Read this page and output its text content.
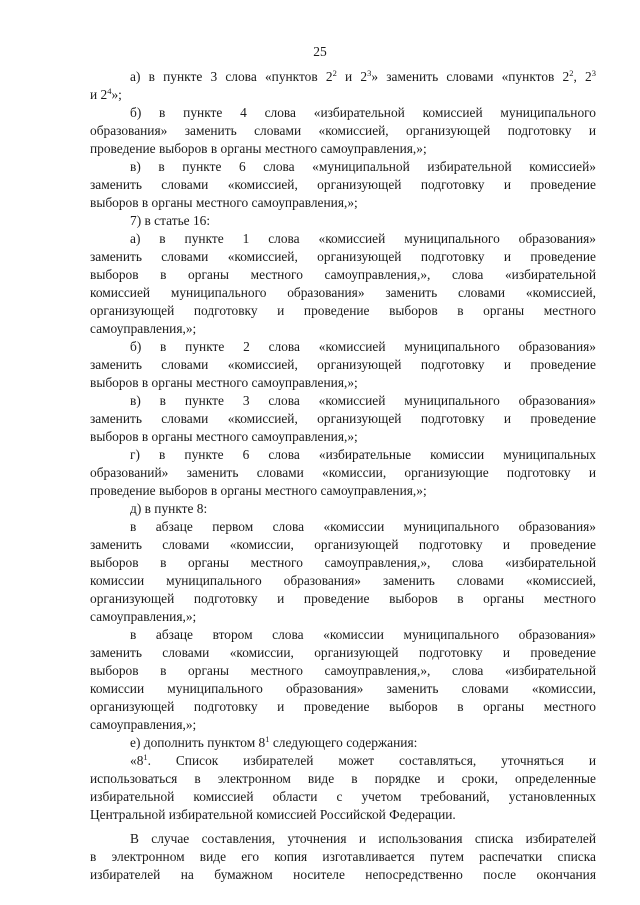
25
а) в пункте 3 слова «пунктов $2^2$ и $2^3$» заменить словами «пунктов $2^2$, $2^3$
и $2^4$»;
б) в пункте 4 слова «избирательной комиссией муниципального
образования» заменить словами «комиссией, организующей подготовку и
проведение выборов в органы местного самоуправления,»;
в) в пункте 6 слова «муниципальной избирательной комиссией»
заменить словами «комиссией, организующей подготовку и проведение
выборов в органы местного самоуправления,»;
7) в статье 16:
а) в пункте 1 слова «комиссией муниципального образования»
заменить словами «комиссией, организующей подготовку и проведение
выборов в органы местного самоуправления,», слова «избирательной
комиссией муниципального образования» заменить словами «комиссией,
организующей подготовку и проведение выборов в органы местного
самоуправления,»;
б) в пункте 2 слова «комиссией муниципального образования»
заменить словами «комиссией, организующей подготовку и проведение
выборов в органы местного самоуправления,»;
в) в пункте 3 слова «комиссией муниципального образования»
заменить словами «комиссией, организующей подготовку и проведение
выборов в органы местного самоуправления,»;
г) в пункте 6 слова «избирательные комиссии муниципальных
образований» заменить словами «комиссии, организующие подготовку и
проведение выборов в органы местного самоуправления,»;
д) в пункте 8:
в абзаце первом слова «комиссии муниципального образования»
заменить словами «комиссии, организующей подготовку и проведение
выборов в органы местного самоуправления,», слова «избирательной
комиссии муниципального образования» заменить словами «комиссией,
организующей подготовку и проведение выборов в органы местного
самоуправления,»;
в абзаце втором слова «комиссии муниципального образования»
заменить словами «комиссии, организующей подготовку и проведение
выборов в органы местного самоуправления,», слова «избирательной
комиссии муниципального образования» заменить словами «комиссии,
организующей подготовку и проведение выборов в органы местного
самоуправления,»;
е) дополнить пунктом $8^1$ следующего содержания:
«$8^1$. Список избирателей может составляться, уточняться и
использоваться в электронном виде в порядке и сроки, определенные
избирательной комиссией области с учетом требований, установленных
Центральной избирательной комиссией Российской Федерации.
В случае составления, уточнения и использования списка избирателей
в электронном виде его копия изготавливается путем распечатки списка
избирателей на бумажном носителе непосредственно после окончания
